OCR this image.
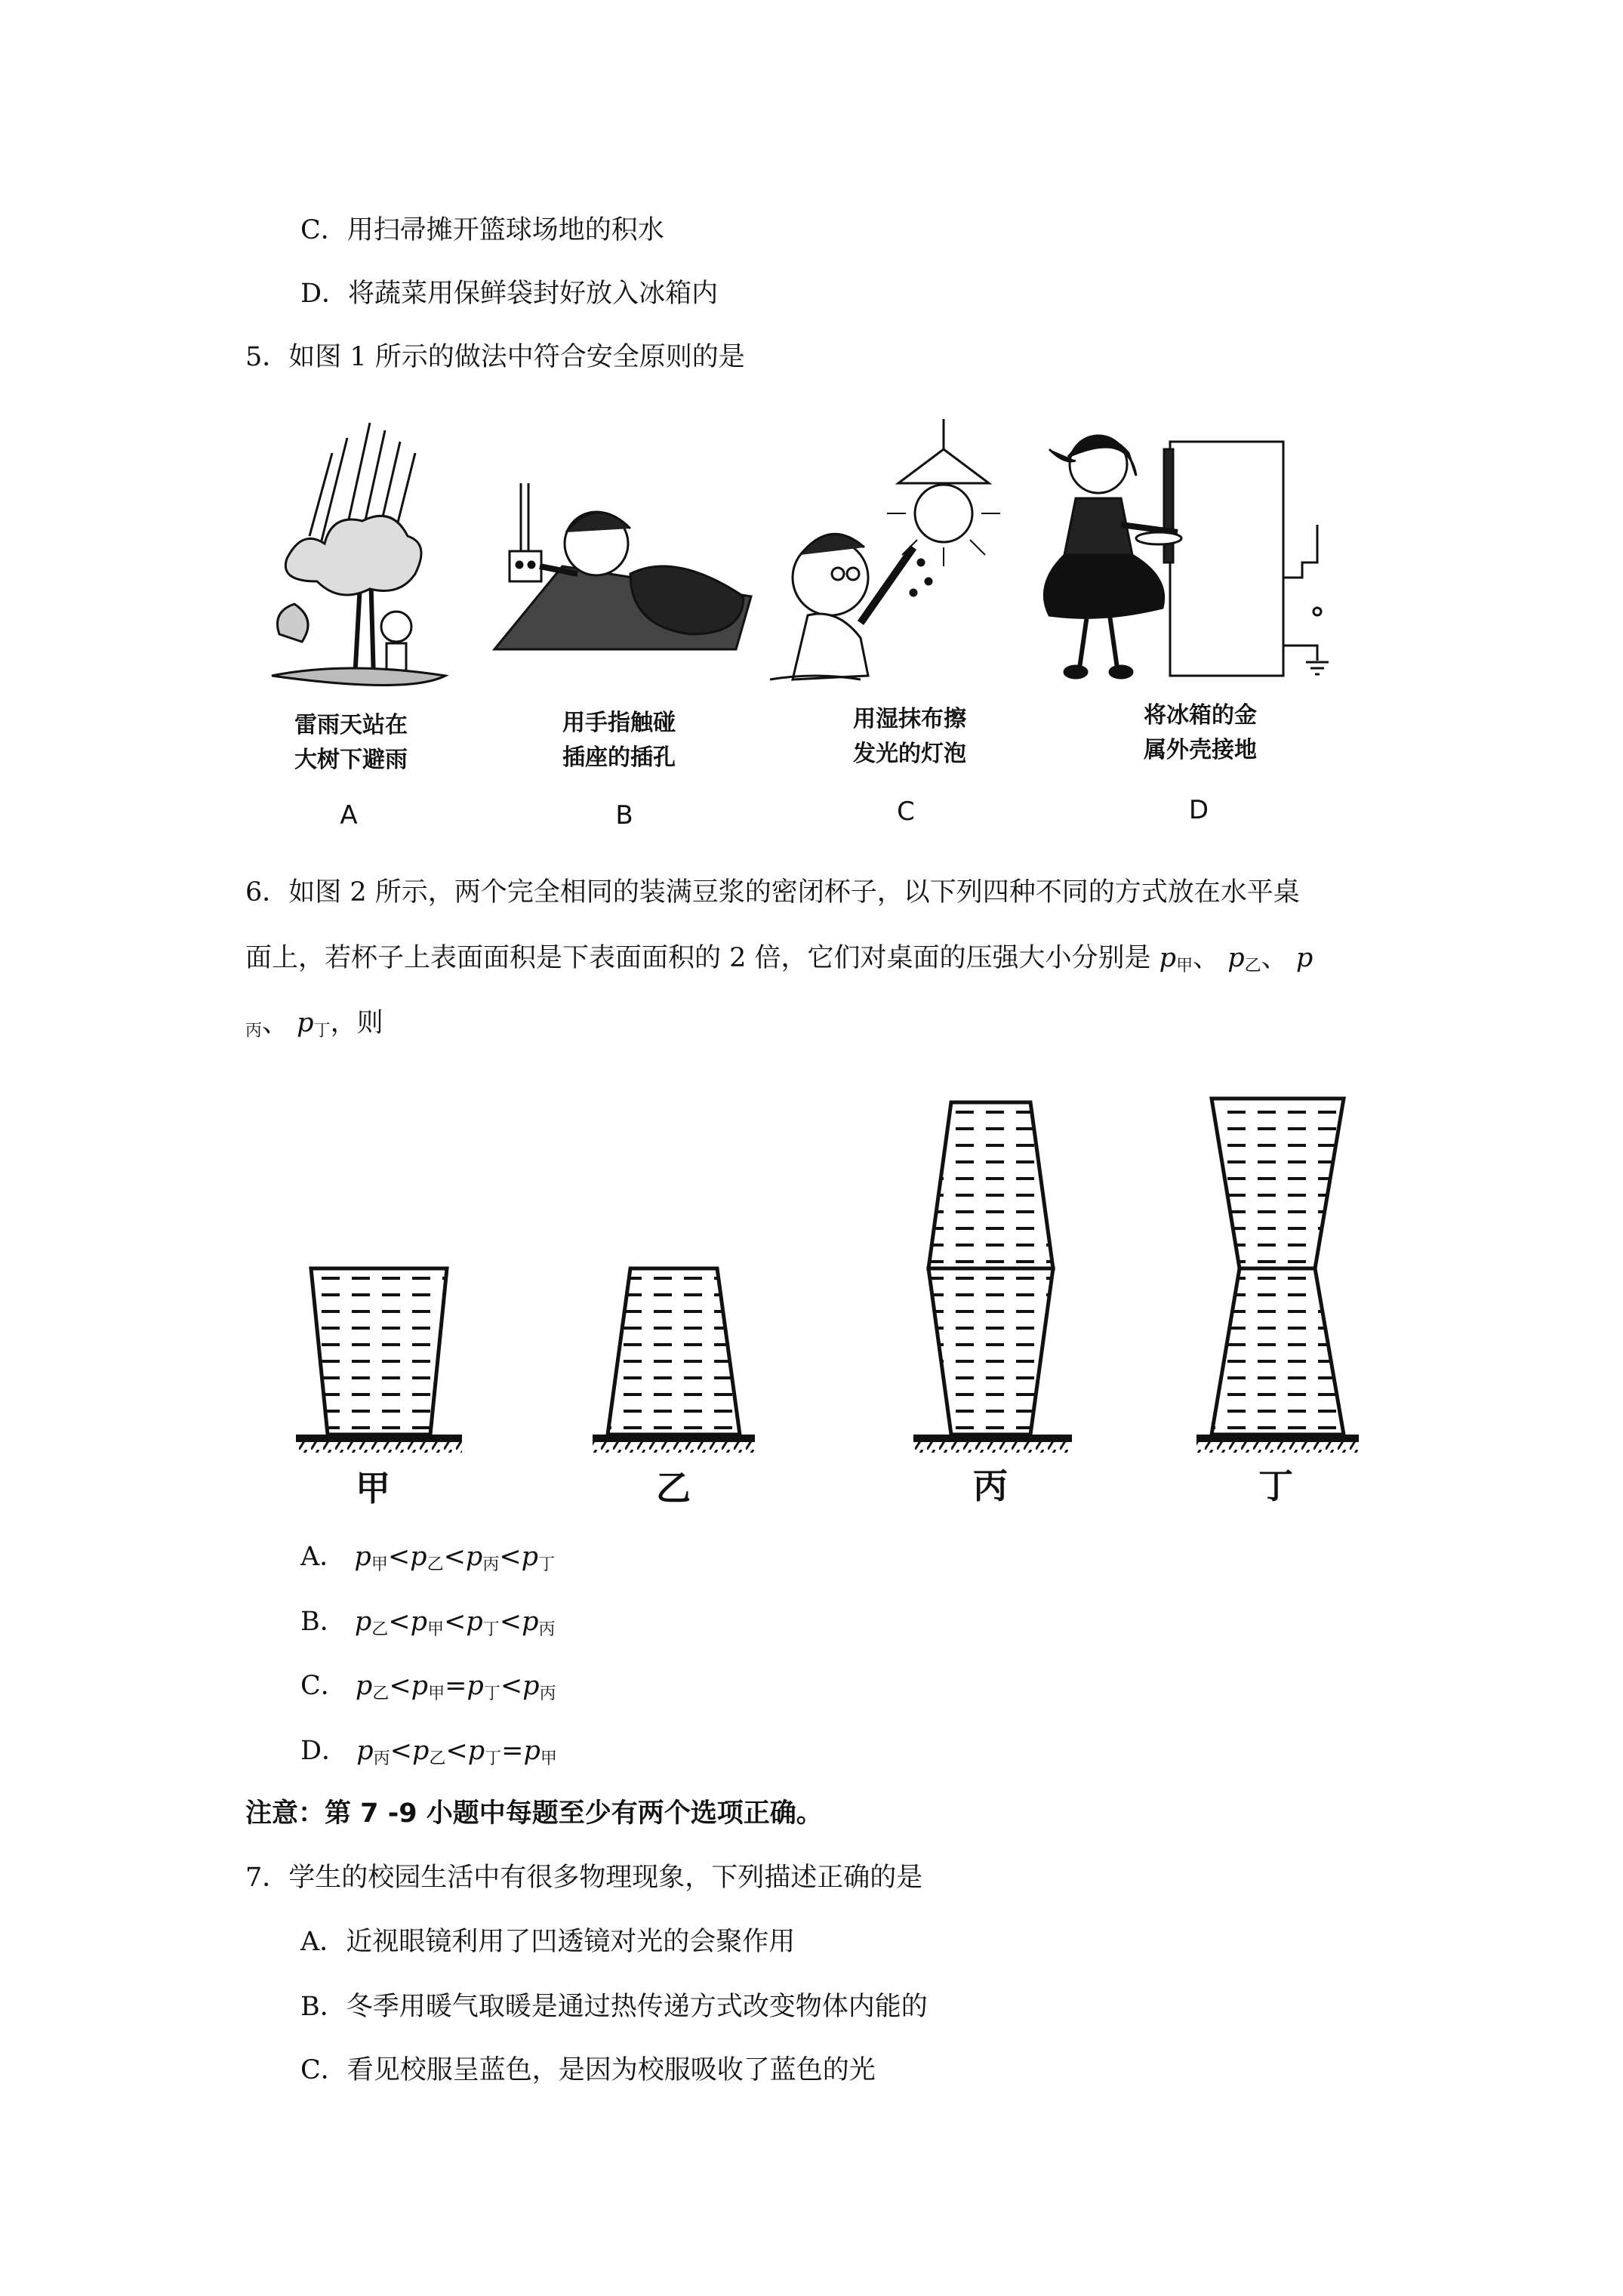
C．用扫帚摊开篮球场地的积水
D．将蔬菜用保鲜袋封好放入冰箱内
5．如图 1 所示的做法中符合安全原则的是
雷雨天站在
大树下避雨
用手指触碰
插座的插孔
用湿抹布擦
发光的灯泡
将冰箱的金
属外壳接地
A	B	C	D
6．如图 2 所示，两个完全相同的装满豆浆的密闭杯子，以下列四种不同的方式放在水平桌
面上，若杯子上表面面积是下表面面积的 2 倍，它们对桌面的压强大小分别是 $p_甲$、 $p_乙$、 p
$_丙$、 $p_丁$，则
甲	乙	丙	丁
A． $p_甲<p_乙<p_丙<p_丁$
B． $p_乙<p_甲<p_丁<p_丙$
C． $p_乙<p_甲=p_丁<p_丙$
D． $p_丙<p_乙<p_丁=p_甲$
注意：第 7 -9 小题中每题至少有两个选项正确。
7．学生的校园生活中有很多物理现象，下列描述正确的是
A．近视眼镜利用了凹透镜对光的会聚作用
B．冬季用暖气取暖是通过热传递方式改变物体内能的
C．看见校服呈蓝色，是因为校服吸收了蓝色的光
